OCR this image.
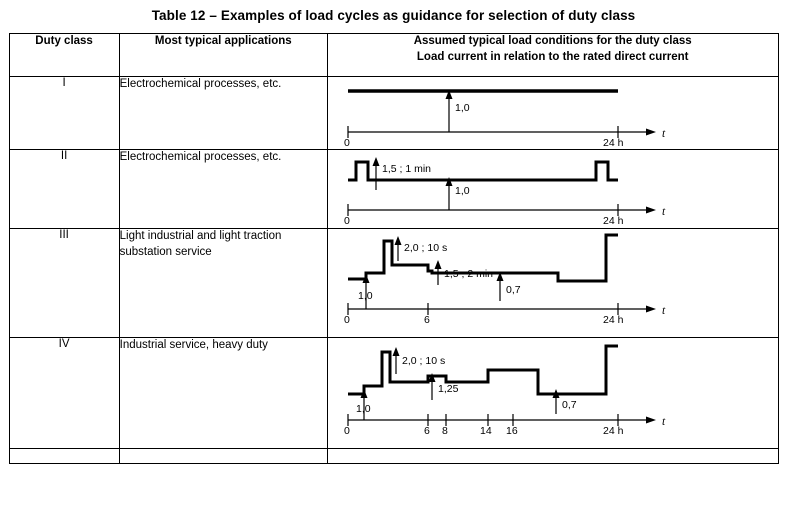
Table 12 – Examples of load cycles as guidance for selection of duty class
Duty class	Most typical applications	Assumed typical load conditions for the duty class
Load current in relation to the rated direct current

I	Electrochemical processes, etc.	1,0
0 24 h
t

II	Electrochemical processes, etc.	1,5 ; 1 min
1,0
0 24 h
t

III	Light industrial and light traction substation service	2,0 ; 10 s
1,5 ; 2 min
1,0	0,7
0	6	24 h
t

IV	Industrial service, heavy duty	
2,0 ; 10 s
1,0
1,25
0,7
0	6 8	14 16	24 h
t
